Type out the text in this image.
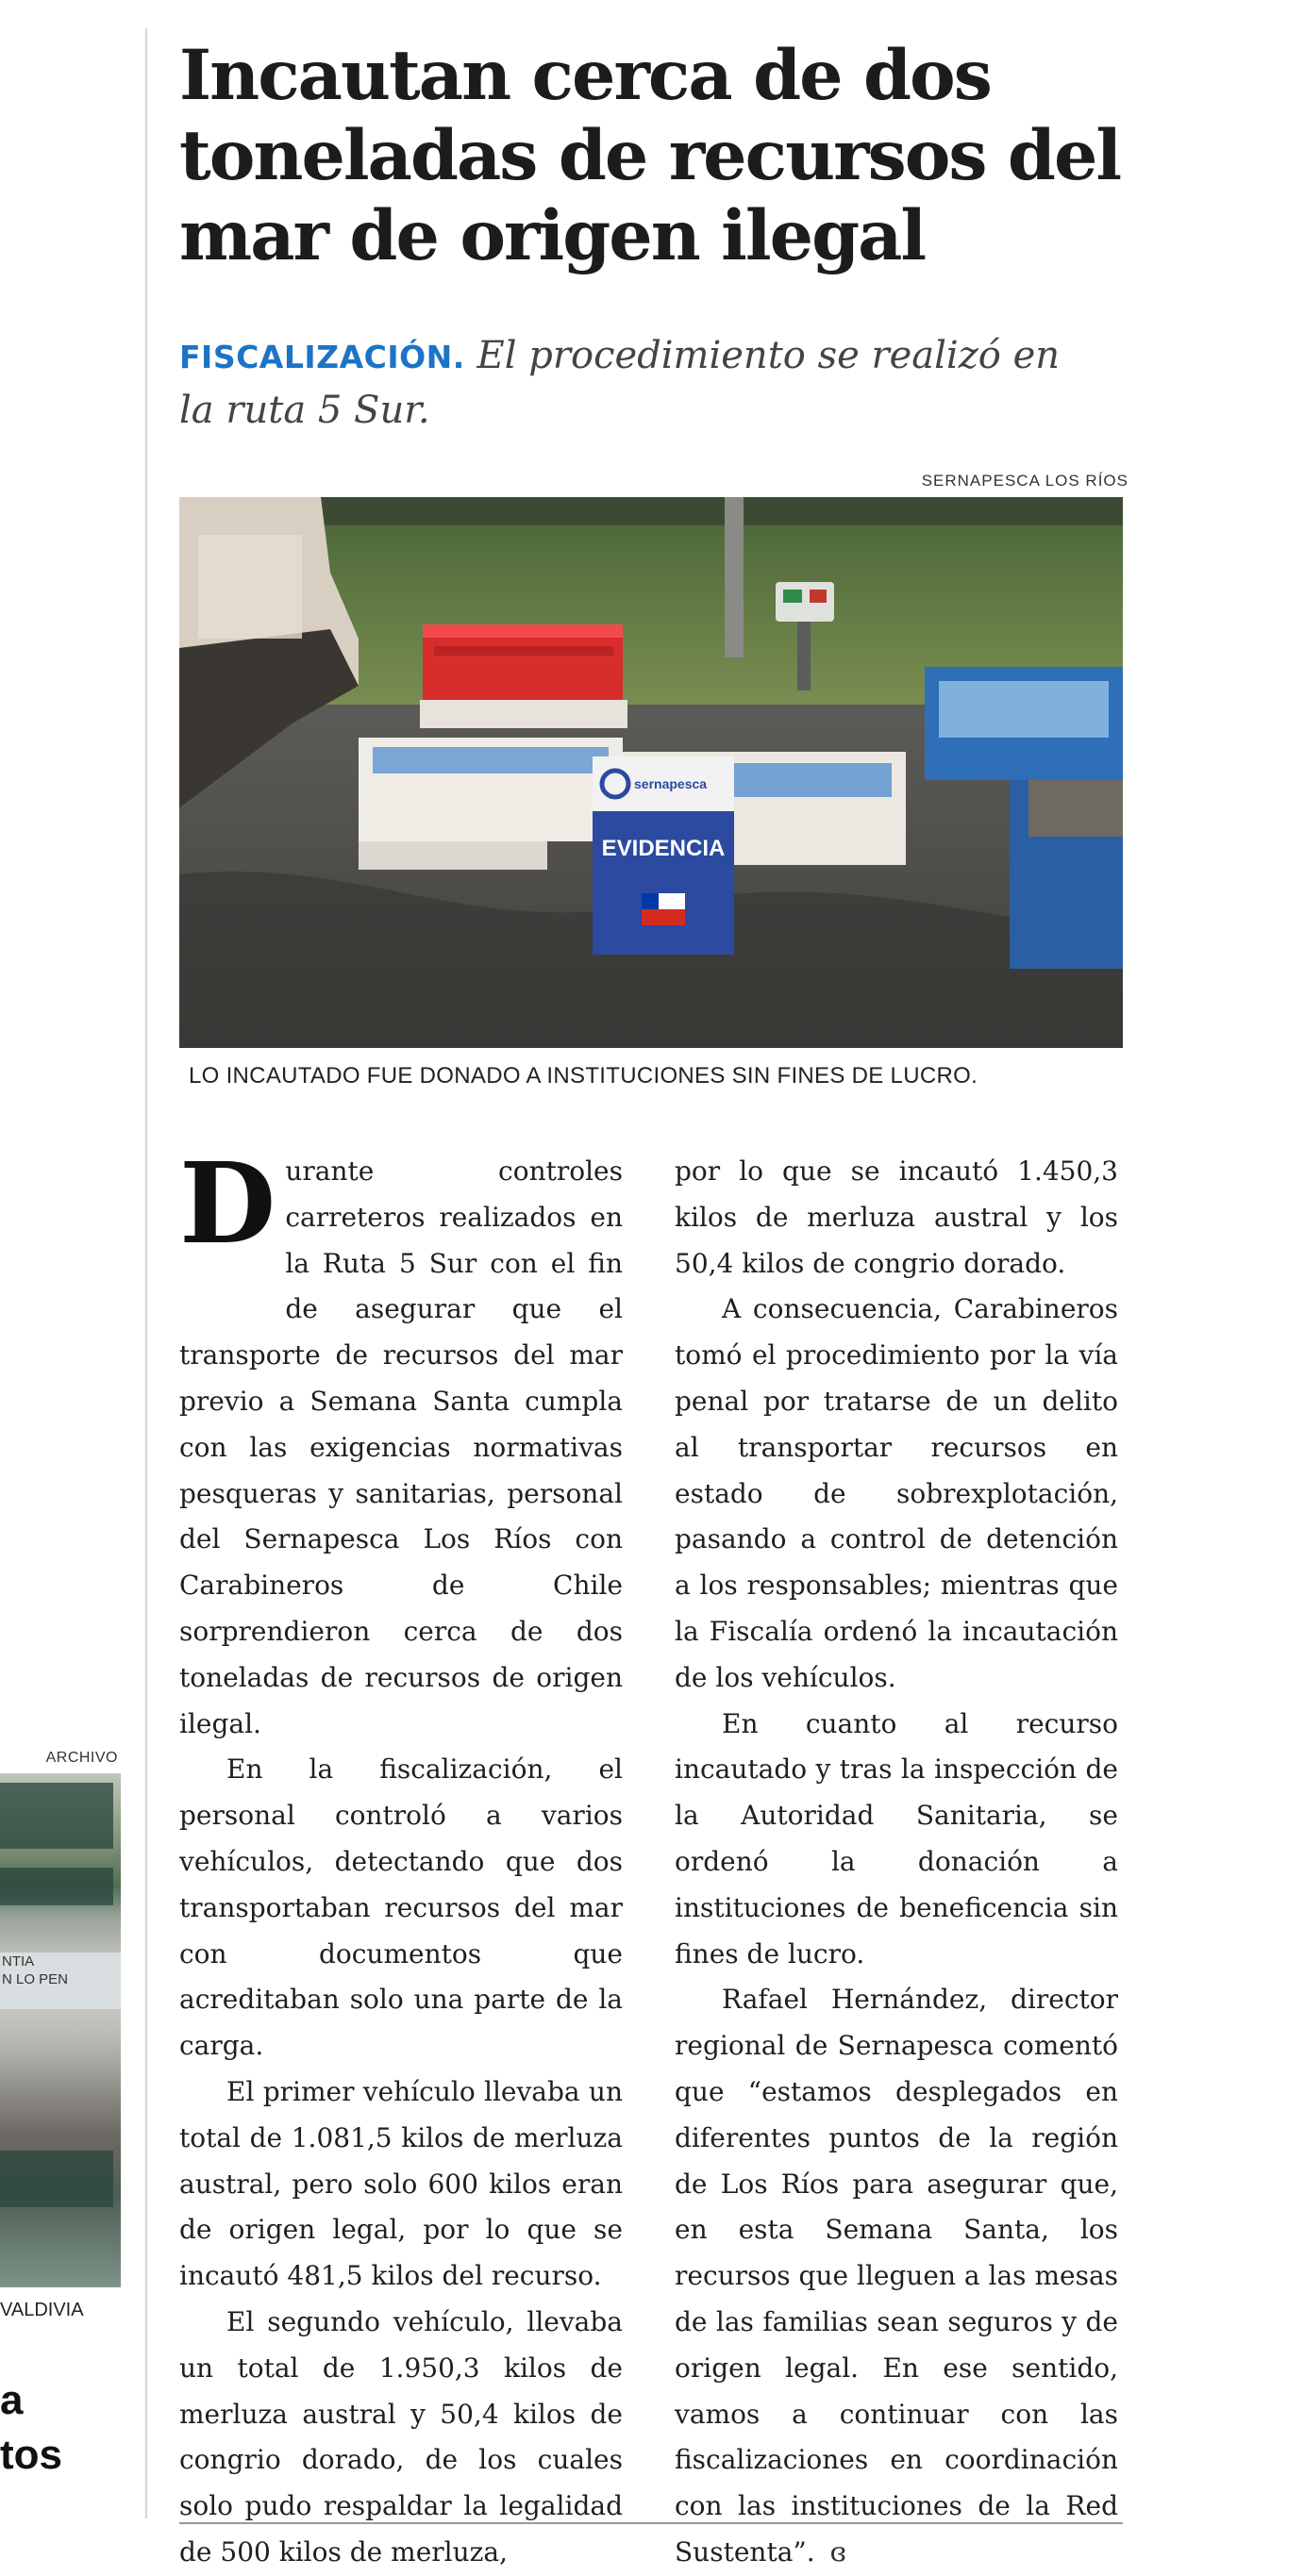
ARCHIVO
NTIA
N LO PEN
VALDIVIA
a
tos
Incautan cerca de dos toneladas de recursos del mar de origen ilegal

FISCALIZACIÓN. El procedimiento se realizó en la ruta 5 Sur.

SERNAPESCA LOS RÍOS
sernapesca
EVIDENCIA
LO INCAUTADO FUE DONADO A INSTITUCIONES SIN FINES DE LUCRO.

Durante controles carreteros realizados en la Ruta 5 Sur con el fin de asegurar que el transporte de recursos del mar previo a Semana Santa cumpla con las exigencias normativas pesqueras y sanitarias, personal del Sernapesca Los Ríos con Carabineros de Chile sorprendieron cerca de dos toneladas de recursos de origen ilegal.

En la fiscalización, el personal controló a varios vehículos, detectando que dos transportaban recursos del mar con documentos que acreditaban solo una parte de la carga.

El primer vehículo llevaba un total de 1.081,5 kilos de merluza austral, pero solo 600 kilos eran de origen legal, por lo que se incautó 481,5 kilos del recurso.

El segundo vehículo, llevaba un total de 1.950,3 kilos de merluza austral y 50,4 kilos de congrio dorado, de los cuales solo pudo respaldar la legalidad de 500 kilos de merluza,

por lo que se incautó 1.450,3 kilos de merluza austral y los 50,4 kilos de congrio dorado.

A consecuencia, Carabineros tomó el procedimiento por la vía penal por tratarse de un delito al transportar recursos en estado de sobrexplotación, pasando a control de detención a los responsables; mientras que la Fiscalía ordenó la incautación de los vehículos.

En cuanto al recurso incautado y tras la inspección de la Autoridad Sanitaria, se ordenó la donación a instituciones de beneficencia sin fines de lucro.

Rafael Hernández, director regional de Sernapesca comentó que “estamos desplegados en diferentes puntos de la región de Los Ríos para asegurar que, en esta Semana Santa, los recursos que lleguen a las mesas de las familias sean seguros y de origen legal. En ese sentido, vamos a continuar con las fiscalizaciones en coordinación con las instituciones de la Red Sustenta”. ɞ
